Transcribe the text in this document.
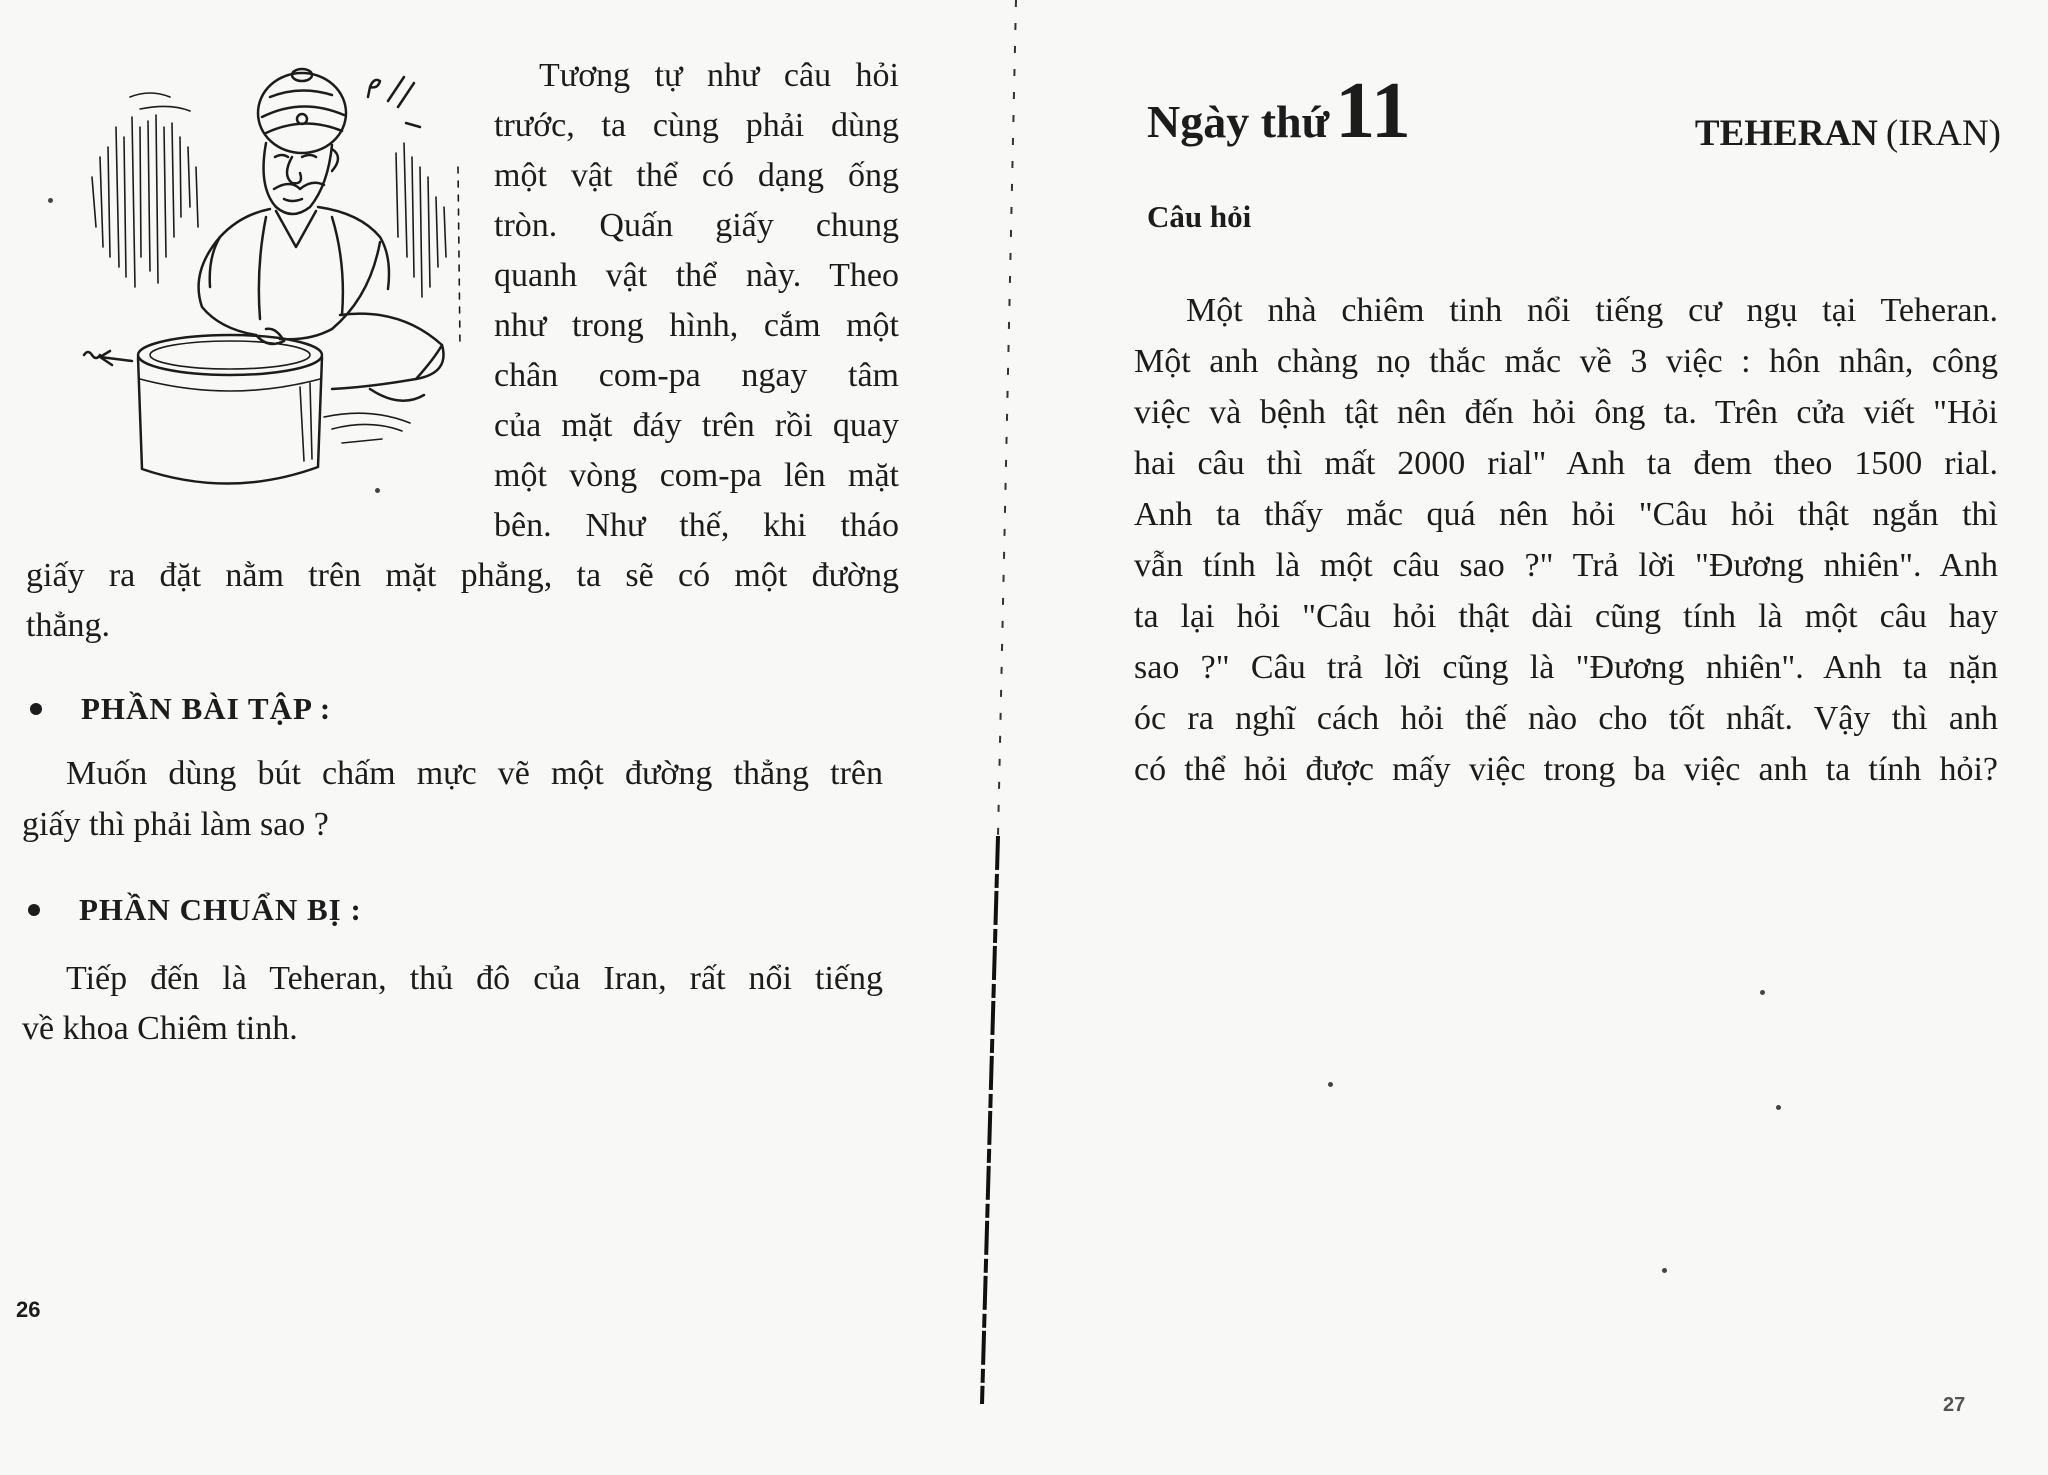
Tương tự như câu hỏi
trước, ta cùng phải dùng
một vật thể có dạng ống
tròn. Quấn giấy chung
quanh vật thể này. Theo
như trong hình, cắm một
chân com-pa ngay tâm
của mặt đáy trên rồi quay
một vòng com-pa lên mặt
bên. Như thế, khi tháo
giấy ra đặt nằm trên mặt phẳng, ta sẽ có một đường
thẳng.
PHẦN BÀI TẬP :
Muốn dùng bút chấm mực vẽ một đường thẳng trên
giấy thì phải làm sao ?
PHẦN CHUẨN BỊ :
Tiếp đến là Teheran, thủ đô của Iran, rất nổi tiếng
về khoa Chiêm tinh.
26
Ngày thứ11	TEHERAN (IRAN)
Câu hỏi
Một nhà chiêm tinh nổi tiếng cư ngụ tại Teheran.
Một anh chàng nọ thắc mắc về 3 việc : hôn nhân, công
việc và bệnh tật nên đến hỏi ông ta. Trên cửa viết "Hỏi
hai câu thì mất 2000 rial" Anh ta đem theo 1500 rial.
Anh ta thấy mắc quá nên hỏi "Câu hỏi thật ngắn thì
vẫn tính là một câu sao ?" Trả lời "Đương nhiên". Anh
ta lại hỏi "Câu hỏi thật dài cũng tính là một câu hay
sao ?" Câu trả lời cũng là "Đương nhiên". Anh ta nặn
óc ra nghĩ cách hỏi thế nào cho tốt nhất. Vậy thì anh
có thể hỏi được mấy việc trong ba việc anh ta tính hỏi?
27
